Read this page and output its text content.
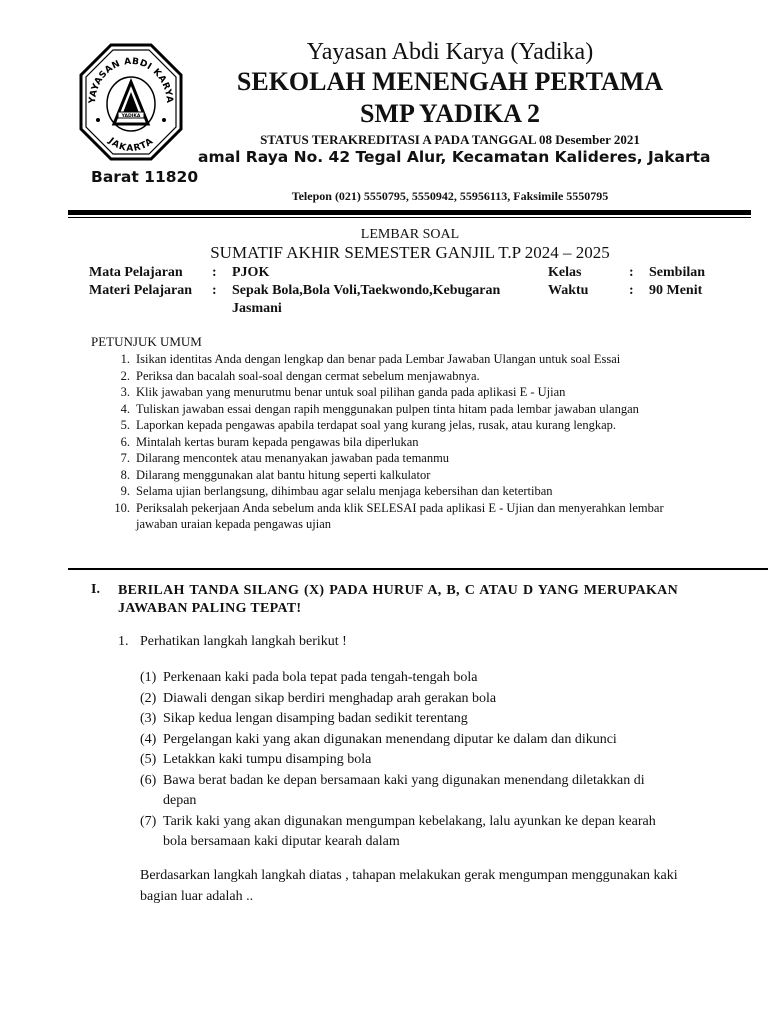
YADIKA
YAYASAN ABDI KARYA
JAKARTA
Yayasan Abdi Karya (Yadika)
SEKOLAH MENENGAH PERTAMA
SMP YADIKA 2
STATUS TERAKREDITASI A PADA TANGGAL 08 Desember 2021
amal Raya No. 42 Tegal Alur, Kecamatan Kalideres, Jakarta
Barat 11820
Telepon (021) 5550795, 5550942, 55956113, Faksimile 5550795
LEMBAR SOAL
SUMATIF AKHIR SEMESTER GANJIL T.P 2024 – 2025
Mata Pelajaran : PJOK
Materi Pelajaran : Sepak Bola,Bola Voli,Taekwondo,Kebugaran
Jasmani
Kelas	: Sembilan
Waktu	: 90 Menit
PETUNJUK UMUM
1. Isikan identitas Anda dengan lengkap dan benar pada Lembar Jawaban Ulangan untuk soal Essai
2. Periksa dan bacalah soal-soal dengan cermat sebelum menjawabnya.
3. Klik jawaban yang menurutmu benar untuk soal pilihan ganda pada aplikasi E - Ujian
4. Tuliskan jawaban essai dengan rapih menggunakan pulpen tinta hitam pada lembar jawaban ulangan
5. Laporkan kepada pengawas apabila terdapat soal yang kurang jelas, rusak, atau kurang lengkap.
6. Mintalah kertas buram kepada pengawas bila diperlukan
7. Dilarang mencontek atau menanyakan jawaban pada temanmu
8. Dilarang menggunakan alat bantu hitung seperti kalkulator
9. Selama ujian berlangsung, dihimbau agar selalu menjaga kebersihan dan ketertiban
10. Periksalah pekerjaan Anda sebelum anda klik SELESAI pada aplikasi E - Ujian dan menyerahkan lembar jawaban uraian kepada pengawas ujian
I. BERILAH TANDA SILANG (X) PADA HURUF A, B, C ATAU D YANG MERUPAKAN JAWABAN PALING TEPAT!
1. Perhatikan langkah langkah berikut !
(1) Perkenaan kaki pada bola tepat pada tengah-tengah bola
(2) Diawali dengan sikap berdiri menghadap arah gerakan bola
(3) Sikap kedua lengan disamping badan sedikit terentang
(4) Pergelangan kaki yang akan digunakan menendang diputar ke dalam dan dikunci
(5) Letakkan kaki tumpu disamping bola
(6) Bawa berat badan ke depan bersamaan kaki yang digunakan menendang diletakkan di depan
(7) Tarik kaki yang akan digunakan mengumpan kebelakang, lalu ayunkan ke depan kearah bola bersamaan kaki diputar kearah dalam
Berdasarkan langkah langkah diatas , tahapan melakukan gerak mengumpan menggunakan kaki bagian luar adalah ..
